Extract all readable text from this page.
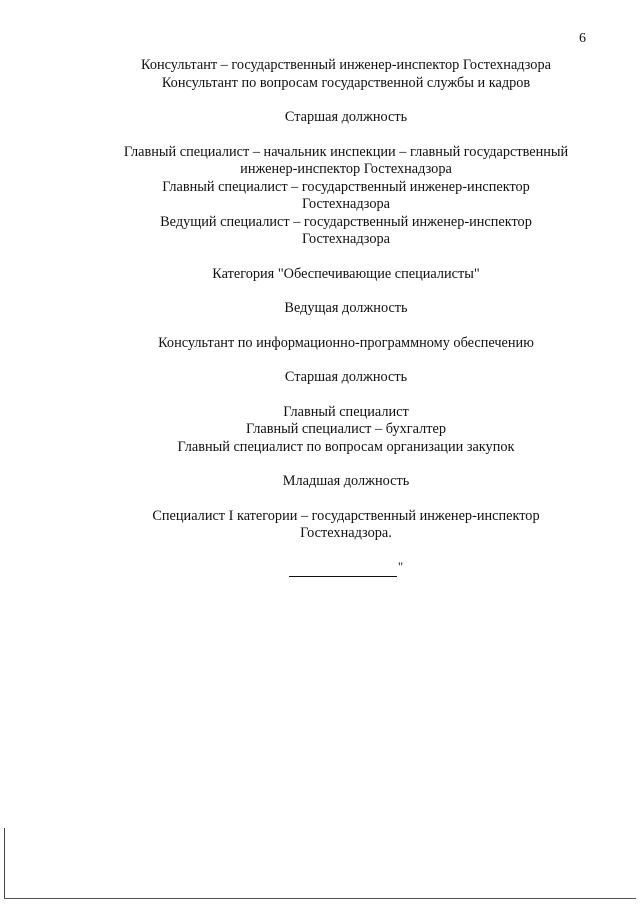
6

Консультант – государственный инженер-инспектор Гостехнадзора
Консультант по вопросам государственной службы и кадров

Старшая должность

Главный специалист – начальник инспекции – главный государственный
инженер-инспектор Гостехнадзора
Главный специалист – государственный инженер-инспектор
Гостехнадзора
Ведущий специалист – государственный инженер-инспектор
Гостехнадзора

Категория "Обеспечивающие специалисты"

Ведущая должность

Консультант по информационно-программному обеспечению

Старшая должность

Главный специалист
Главный специалист – бухгалтер
Главный специалист по вопросам организации закупок

Младшая должность

Специалист I категории – государственный инженер-инспектор
Гостехнадзора.

"
